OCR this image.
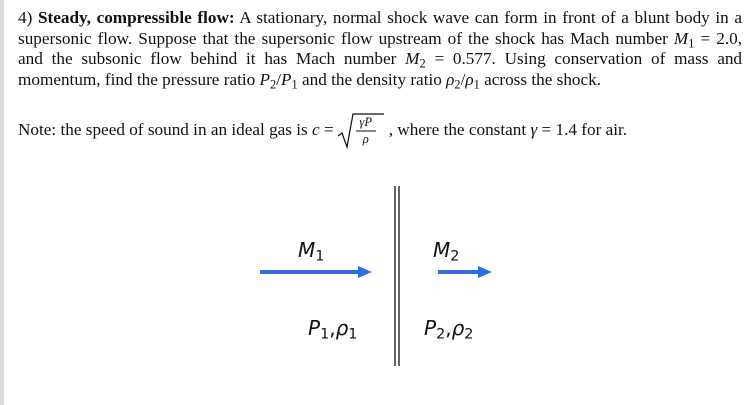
4) Steady, compressible flow: A stationary, normal shock wave can form in front of a blunt body in a supersonic flow. Suppose that the supersonic flow upstream of the shock has Mach number $M_1 = 2.0$, and the subsonic flow behind it has Mach number $M_2 = 0.577$. Using conservation of mass and momentum, find the pressure ratio $P_2/P_1$ and the density ratio $\rho_2/\rho_1$ across the shock.
Note: the speed of sound in an ideal gas is c = γP
ρ
, where the constant γ = 1.4 for air.
$M_1$	$M_2$
$P_1,\rho_1$	$P_2,\rho_2$
